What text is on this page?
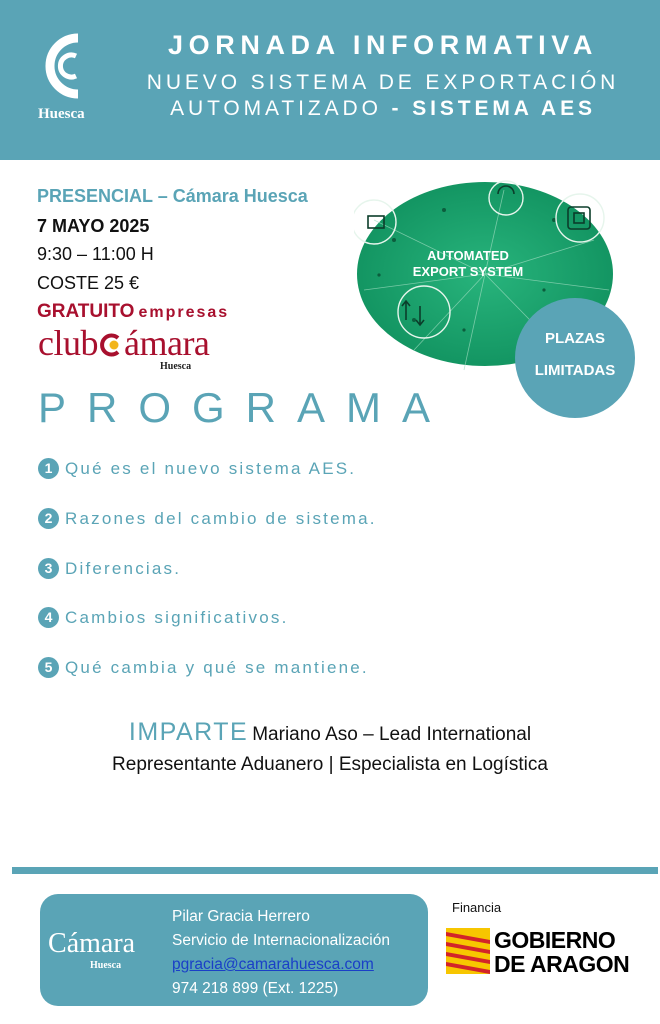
Huesca
JORNADA INFORMATIVA
NUEVO SISTEMA DE EXPORTACIÓN
AUTOMATIZADO - SISTEMA AES
PRESENCIAL – Cámara Huesca
7 MAYO 2025
9:30 – 11:00 H
COSTE 25 €
GRATUITO empresas
club ámara
Huesca
AUTOMATED
EXPORT SYSTEM
PLAZAS
LIMITADAS
PROGRAMA
1 Qué es el nuevo sistema AES.
2 Razones del cambio de sistema.
3 Diferencias.
4 Cambios significativos.
5 Qué cambia y qué se mantiene.
IMPARTE Mariano Aso – Lead International
Representante Aduanero | Especialista en Logística
Cámara
Huesca
Pilar Gracia Herrero
Servicio de Internacionalización
pgracia@camarahuesca.com
974 218 899 (Ext. 1225)
Financia
GOBIERNO
DE ARAGON
